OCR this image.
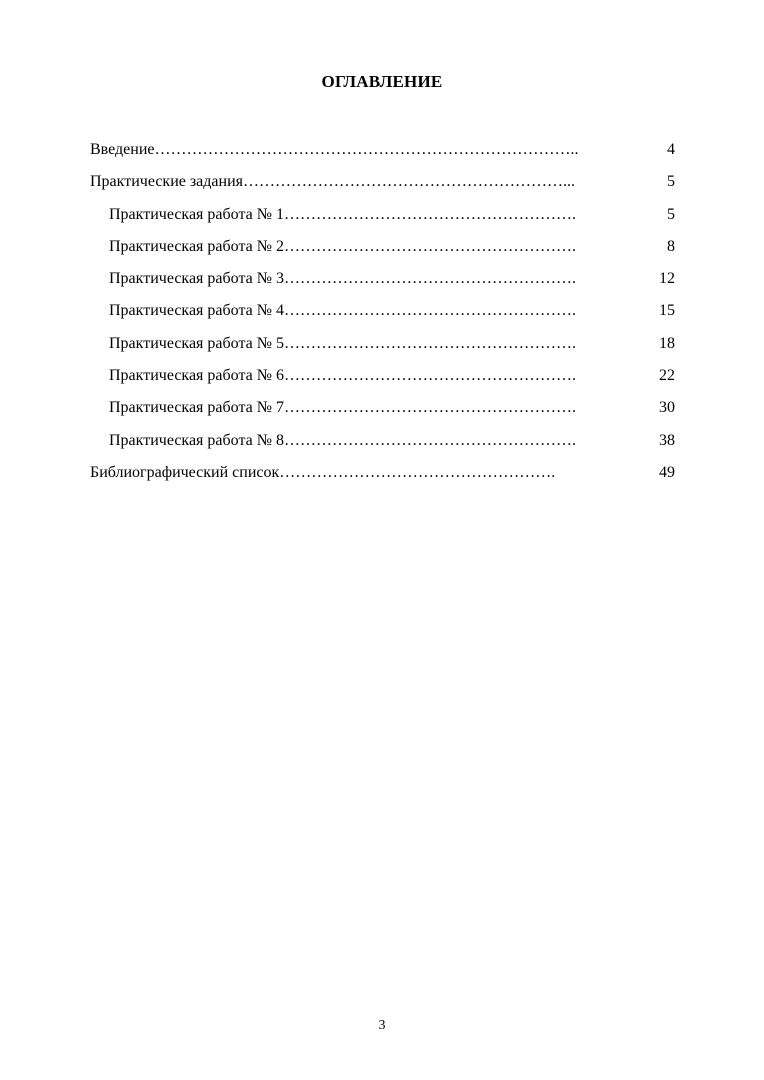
ОГЛАВЛЕНИЕ
Введение……………………………………………………………………..	4
Практические задания……………………………………………………...	5
Практическая работа № 1……………………………………………….	5
Практическая работа № 2……………………………………………….	8
Практическая работа № 3……………………………………………….	12
Практическая работа № 4……………………………………………….	15
Практическая работа № 5……………………………………………….	18
Практическая работа № 6……………………………………………….	22
Практическая работа № 7……………………………………………….	30
Практическая работа № 8……………………………………………….	38
Библиографический список…………………………………………….	49
3
